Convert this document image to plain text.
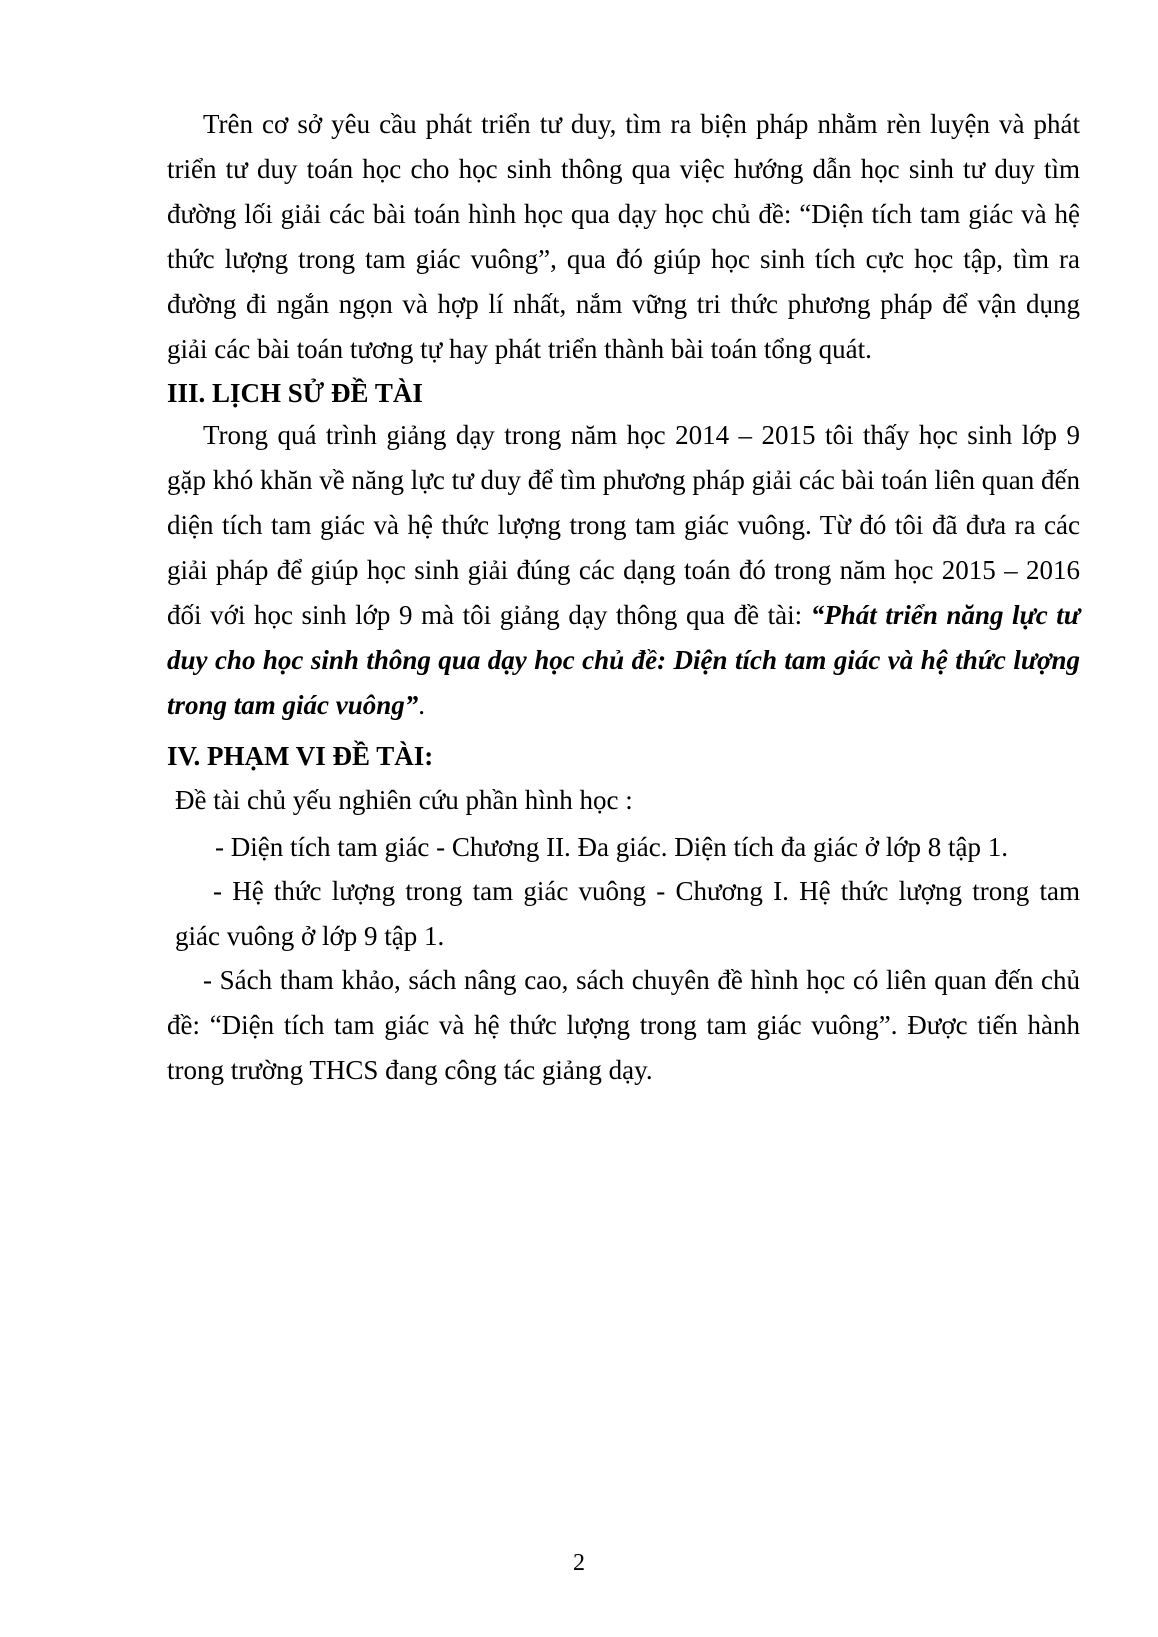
Trên cơ sở yêu cầu phát triển tư duy, tìm ra biện pháp nhằm rèn luyện và phát triển tư duy toán học cho học sinh thông qua việc hướng dẫn học sinh tư duy tìm đường lối giải các bài toán hình học qua dạy học chủ đề: “Diện tích tam giác và hệ thức lượng trong tam giác vuông”, qua đó giúp học sinh tích cực học tập, tìm ra đường đi ngắn ngọn và hợp lí nhất, nắm vững tri thức phương pháp để vận dụng giải các bài toán tương tự hay phát triển thành bài toán tổng quát.

III. LỊCH SỬ ĐỀ TÀI

Trong quá trình giảng dạy trong năm học 2014 – 2015 tôi thấy học sinh lớp 9 gặp khó khăn về năng lực tư duy để tìm phương pháp giải các bài toán liên quan đến diện tích tam giác và hệ thức lượng trong tam giác vuông. Từ đó tôi đã đưa ra các giải pháp để giúp học sinh giải đúng các dạng toán đó trong năm học 2015 – 2016 đối với học sinh lớp 9 mà tôi giảng dạy thông qua đề tài: “Phát triển năng lực tư duy cho học sinh thông qua dạy học chủ đề: Diện tích tam giác và hệ thức lượng trong tam giác vuông”.

IV. PHẠM VI ĐỀ TÀI:

Đề tài chủ yếu nghiên cứu phần hình học :

- Diện tích tam giác - Chương II. Đa giác. Diện tích đa giác ở lớp 8 tập 1.

- Hệ thức lượng trong tam giác vuông - Chương I. Hệ thức lượng trong tam

giác vuông ở lớp 9 tập 1.

- Sách tham khảo, sách nâng cao, sách chuyên đề hình học có liên quan đến chủ đề: “Diện tích tam giác và hệ thức lượng trong tam giác vuông”. Được tiến hành trong trường THCS đang công tác giảng dạy.

2
